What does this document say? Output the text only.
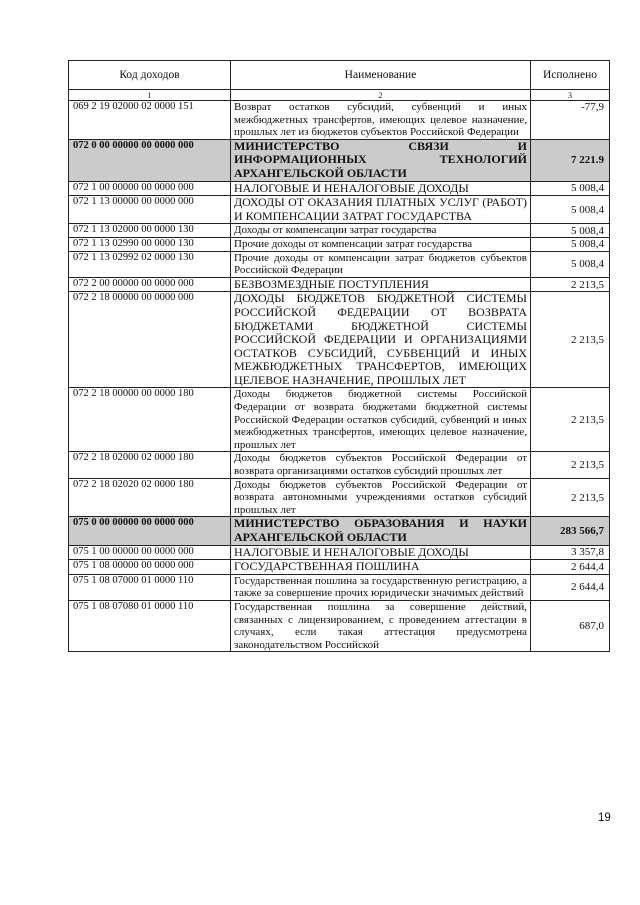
Код доходов	Наименование	Исполнено
1	2	3
069 2 19 02000 02 0000 151	Возврат остатков субсидий, субвенций и иных межбюджетных трансфертов, имеющих целевое назначение, прошлых лет из бюджетов субъектов Российской Федерации	-77,9
072 0 00 00000 00 0000 000	МИНИСТЕРСТВО СВЯЗИ И ИНФОРМАЦИОННЫХ ТЕХНОЛОГИЙ АРХАНГЕЛЬСКОЙ ОБЛАСТИ	7 221.9
072 1 00 00000 00 0000 000	НАЛОГОВЫЕ И НЕНАЛОГОВЫЕ ДОХОДЫ	5 008,4
072 1 13 00000 00 0000 000	ДОХОДЫ ОТ ОКАЗАНИЯ ПЛАТНЫХ УСЛУГ (РАБОТ) И КОМПЕНСАЦИИ ЗАТРАТ ГОСУДАРСТВА	5 008,4
072 1 13 02000 00 0000 130	Доходы от компенсации затрат государства	5 008,4
072 1 13 02990 00 0000 130	Прочие доходы от компенсации затрат государства	5 008,4
072 1 13 02992 02 0000 130	Прочие доходы от компенсации затрат бюджетов субъектов Российской Федерации	5 008,4
072 2 00 00000 00 0000 000	БЕЗВОЗМЕЗДНЫЕ ПОСТУПЛЕНИЯ	2 213,5
072 2 18 00000 00 0000 000	ДОХОДЫ БЮДЖЕТОВ БЮДЖЕТНОЙ СИСТЕМЫ РОССИЙСКОЙ ФЕДЕРАЦИИ ОТ ВОЗВРАТА БЮДЖЕТАМИ БЮДЖЕТНОЙ СИСТЕМЫ РОССИЙСКОЙ ФЕДЕРАЦИИ И ОРГАНИЗАЦИЯМИ ОСТАТКОВ СУБСИДИЙ, СУБВЕНЦИЙ И ИНЫХ МЕЖБЮДЖЕТНЫХ ТРАНСФЕРТОВ, ИМЕЮЩИХ ЦЕЛЕВОЕ НАЗНАЧЕНИЕ, ПРОШЛЫХ ЛЕТ	2 213,5
072 2 18 00000 00 0000 180	Доходы бюджетов бюджетной системы Российской Федерации от возврата бюджетами бюджетной системы Российской Федерации остатков субсидий, субвенций и иных межбюджетных трансфертов, имеющих целевое назначение, прошлых лет	2 213,5
072 2 18 02000 02 0000 180	Доходы бюджетов субъектов Российской Федерации от возврата организациями остатков субсидий прошлых лет	2 213,5
072 2 18 02020 02 0000 180	Доходы бюджетов субъектов Российской Федерации от возврата автономными учреждениями остатков субсидий прошлых лет	2 213,5
075 0 00 00000 00 0000 000	МИНИСТЕРСТВО ОБРАЗОВАНИЯ И НАУКИ АРХАНГЕЛЬСКОЙ ОБЛАСТИ	283 566,7
075 1 00 00000 00 0000 000	НАЛОГОВЫЕ И НЕНАЛОГОВЫЕ ДОХОДЫ	3 357,8
075 1 08 00000 00 0000 000	ГОСУДАРСТВЕННАЯ ПОШЛИНА	2 644,4
075 1 08 07000 01 0000 110	Государственная пошлина за государственную регистрацию, а также за совершение прочих юридически значимых действий	2 644,4
075 1 08 07080 01 0000 110	Государственная пошлина за совершение действий, связанных с лицензированием, с проведением аттестации в случаях, если такая аттестация предусмотрена законодательством Российской	687,0
19
